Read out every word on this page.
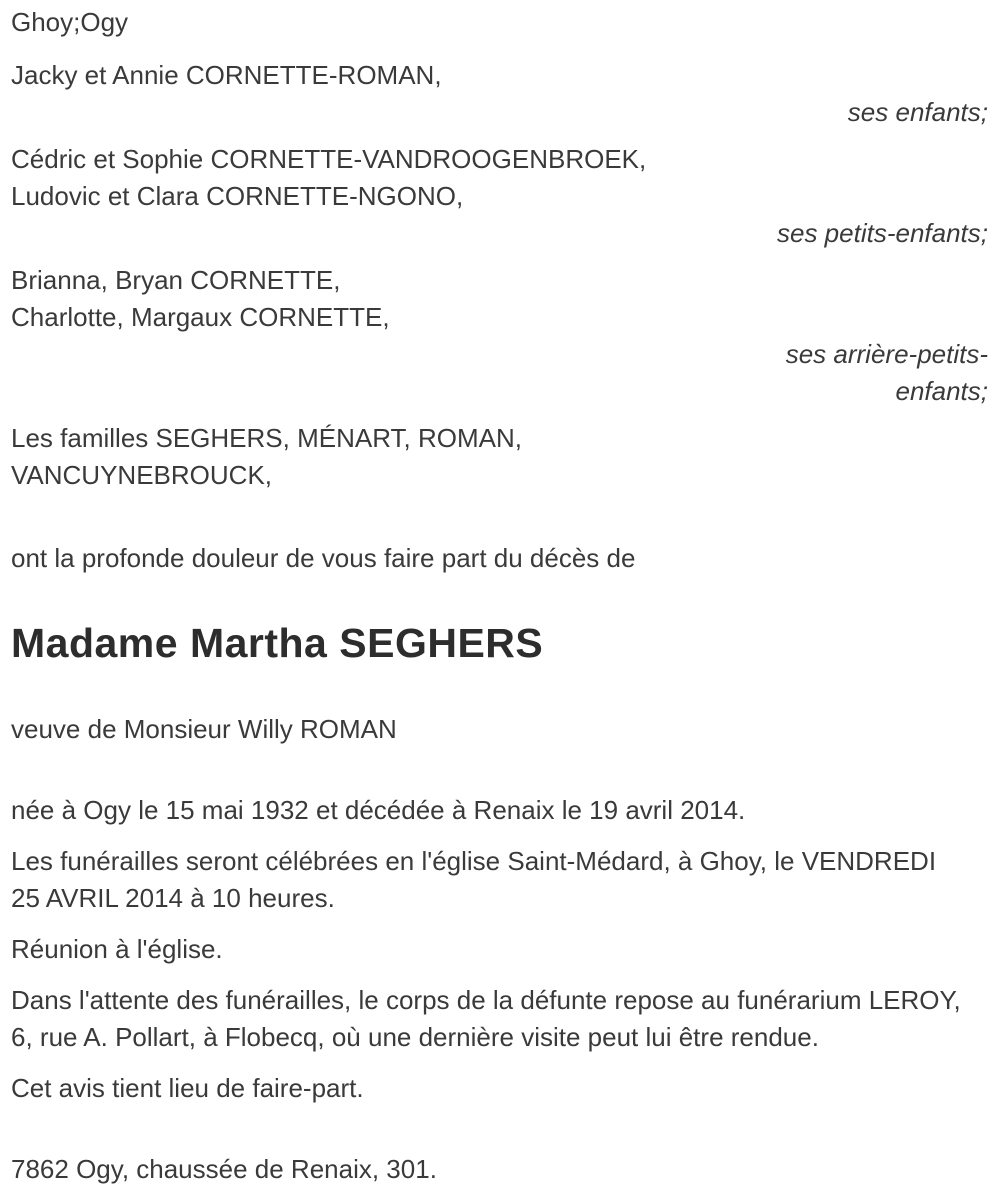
Ghoy;Ogy

Jacky et Annie CORNETTE-ROMAN,

ses enfants;

Cédric et Sophie CORNETTE-VANDROOGENBROEK,

Ludovic et Clara CORNETTE-NGONO,

ses petits-enfants;

Brianna, Bryan CORNETTE,

Charlotte, Margaux CORNETTE,

ses arrière-petits-

enfants;

Les familles SEGHERS, MÉNART, ROMAN,

VANCUYNEBROUCK,

ont la profonde douleur de vous faire part du décès de

Madame Martha SEGHERS

veuve de Monsieur Willy ROMAN

née à Ogy le 15 mai 1932 et décédée à Renaix le 19 avril 2014.

Les funérailles seront célébrées en l'église Saint-Médard, à Ghoy, le VENDREDI 25 AVRIL 2014 à 10 heures.

Réunion à l'église.

Dans l'attente des funérailles, le corps de la défunte repose au funérarium LEROY, 6, rue A. Pollart, à Flobecq, où une dernière visite peut lui être rendue.

Cet avis tient lieu de faire-part.

7862 Ogy, chaussée de Renaix, 301.
